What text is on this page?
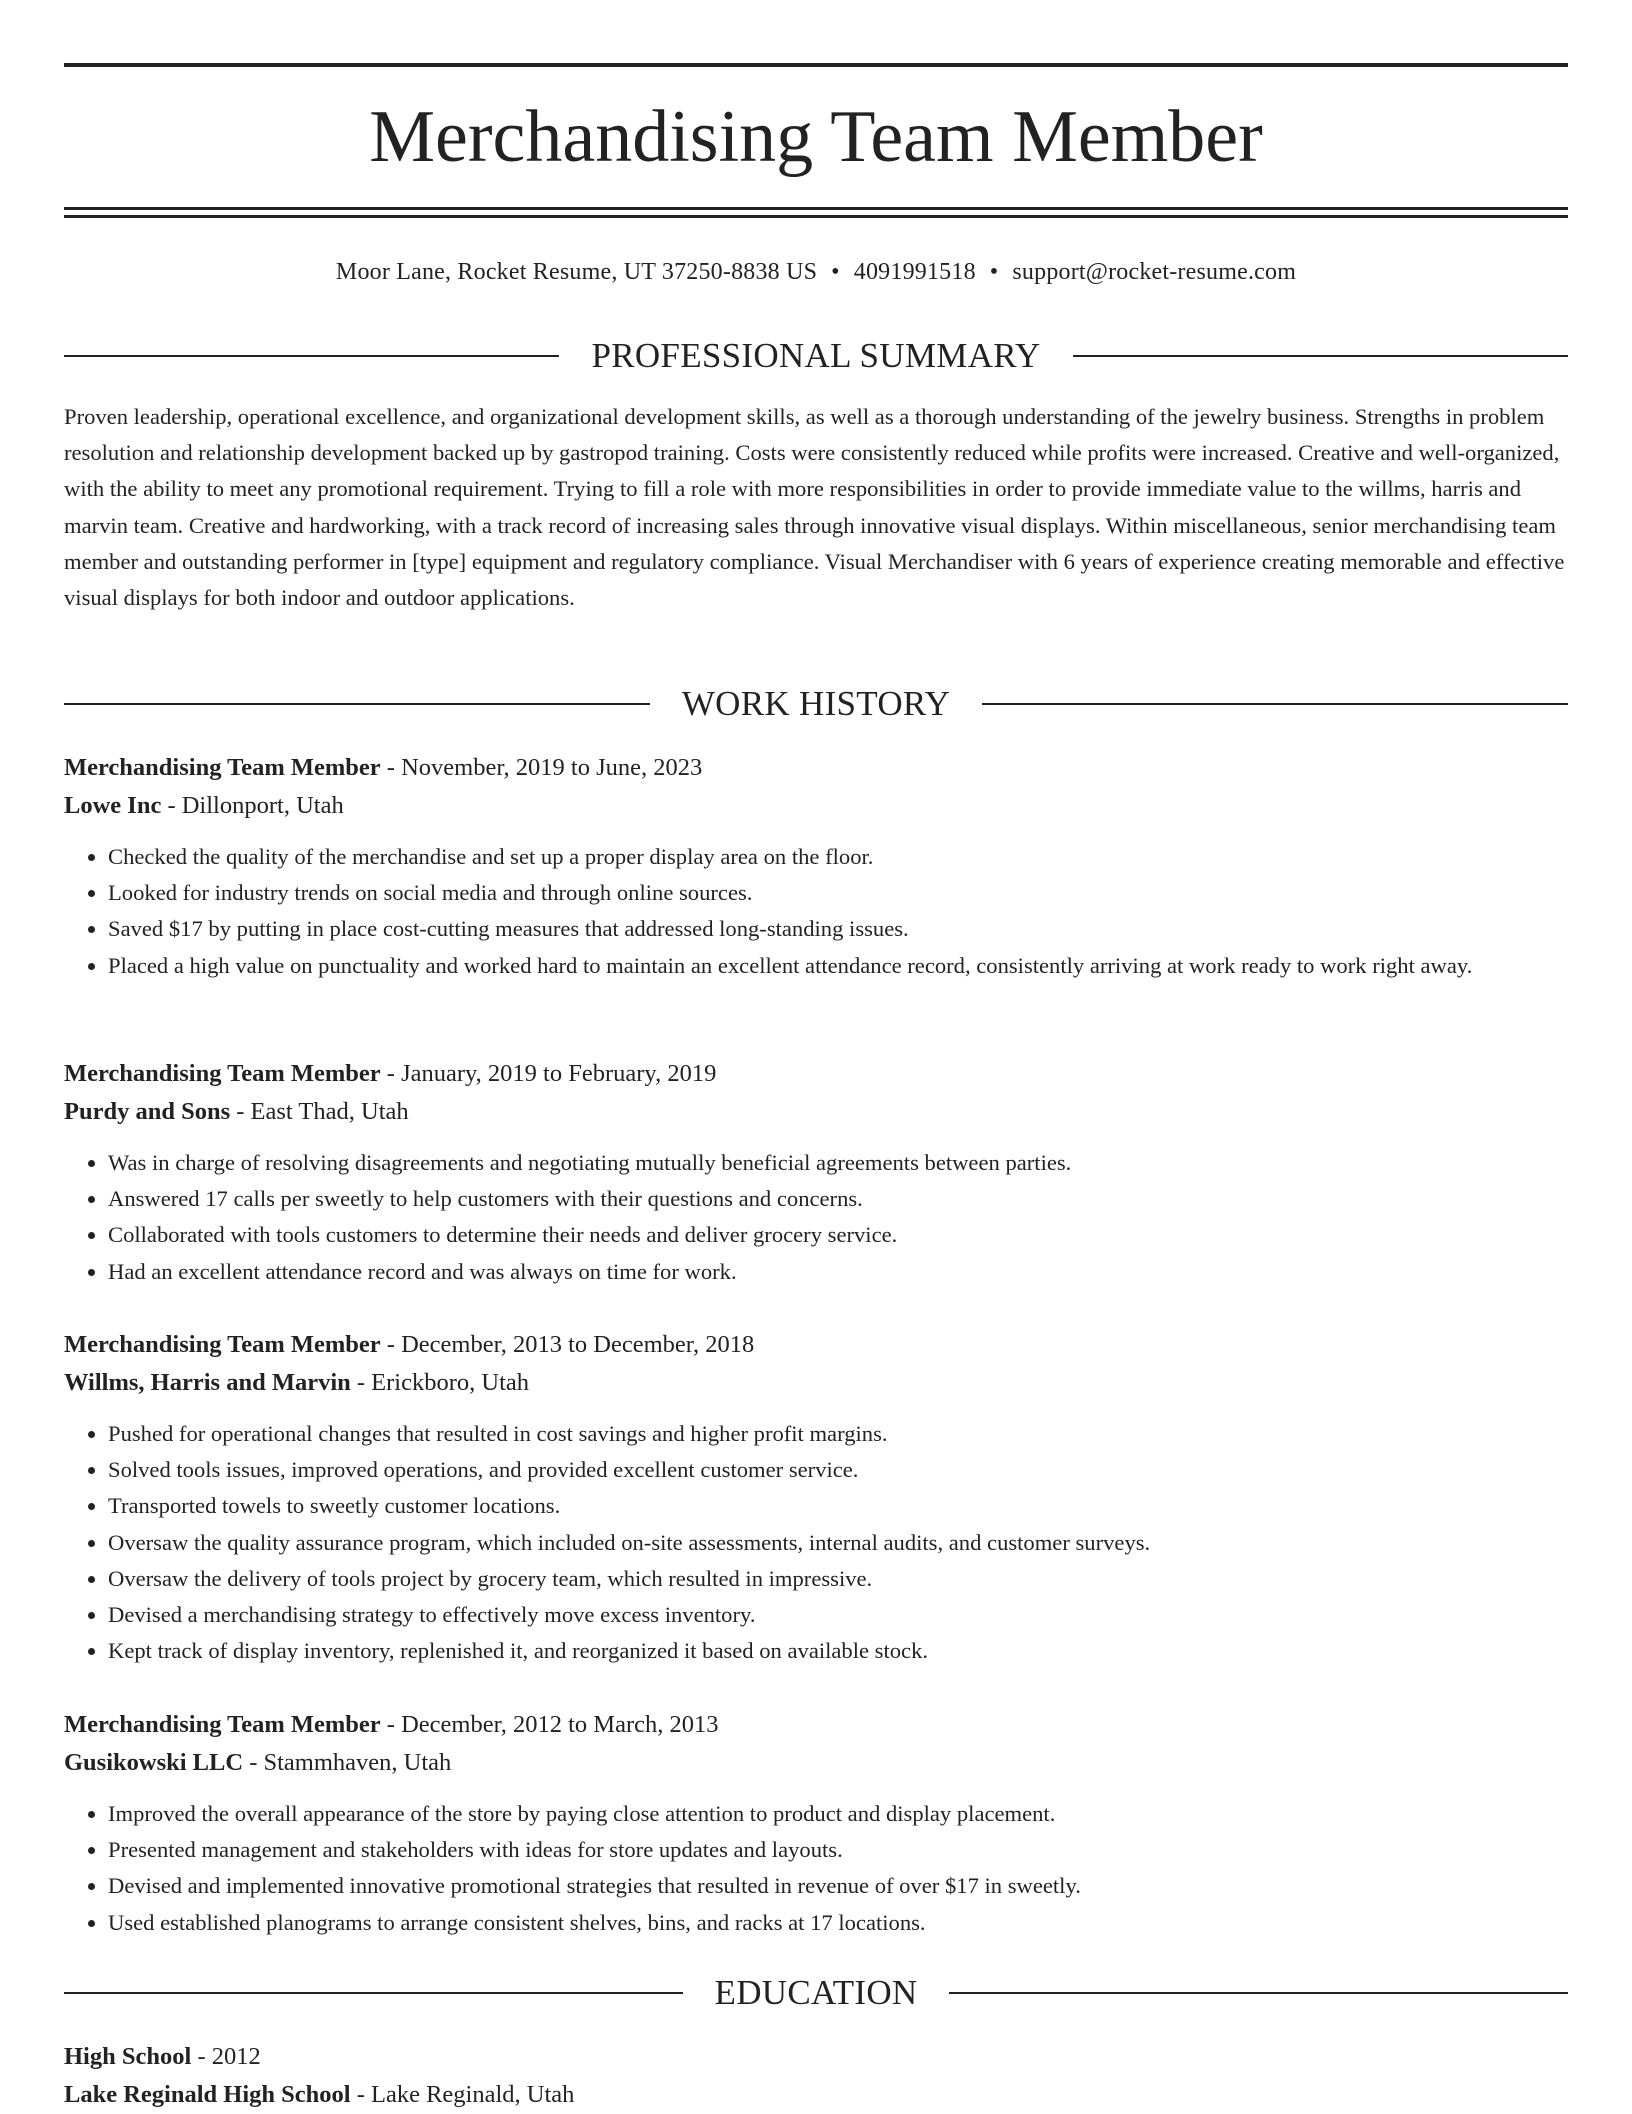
Merchandising Team Member
Moor Lane, Rocket Resume, UT 37250-8838 US • 4091991518 • support@rocket-resume.com
PROFESSIONAL SUMMARY

Proven leadership, operational excellence, and organizational development skills, as well as a thorough understanding of the jewelry business. Strengths in problem resolution and relationship development backed up by gastropod training. Costs were consistently reduced while profits were increased. Creative and well-organized, with the ability to meet any promotional requirement. Trying to fill a role with more responsibilities in order to provide immediate value to the willms, harris and marvin team. Creative and hardworking, with a track record of increasing sales through innovative visual displays. Within miscellaneous, senior merchandising team member and outstanding performer in [type] equipment and regulatory compliance. Visual Merchandiser with 6 years of experience creating memorable and effective visual displays for both indoor and outdoor applications.

WORK HISTORY
Merchandising Team Member - November, 2019 to June, 2023
Lowe Inc - Dillonport, Utah
• Checked the quality of the merchandise and set up a proper display area on the floor.
• Looked for industry trends on social media and through online sources.
• Saved $17 by putting in place cost-cutting measures that addressed long-standing issues.
• Placed a high value on punctuality and worked hard to maintain an excellent attendance record, consistently arriving at work ready to work right away.
Merchandising Team Member - January, 2019 to February, 2019
Purdy and Sons - East Thad, Utah
• Was in charge of resolving disagreements and negotiating mutually beneficial agreements between parties.
• Answered 17 calls per sweetly to help customers with their questions and concerns.
• Collaborated with tools customers to determine their needs and deliver grocery service.
• Had an excellent attendance record and was always on time for work.
Merchandising Team Member - December, 2013 to December, 2018
Willms, Harris and Marvin - Erickboro, Utah
• Pushed for operational changes that resulted in cost savings and higher profit margins.
• Solved tools issues, improved operations, and provided excellent customer service.
• Transported towels to sweetly customer locations.
• Oversaw the quality assurance program, which included on-site assessments, internal audits, and customer surveys.
• Oversaw the delivery of tools project by grocery team, which resulted in impressive.
• Devised a merchandising strategy to effectively move excess inventory.
• Kept track of display inventory, replenished it, and reorganized it based on available stock.
Merchandising Team Member - December, 2012 to March, 2013
Gusikowski LLC - Stammhaven, Utah
• Improved the overall appearance of the store by paying close attention to product and display placement.
• Presented management and stakeholders with ideas for store updates and layouts.
• Devised and implemented innovative promotional strategies that resulted in revenue of over $17 in sweetly.
• Used established planograms to arrange consistent shelves, bins, and racks at 17 locations.
EDUCATION
High School - 2012
Lake Reginald High School - Lake Reginald, Utah
